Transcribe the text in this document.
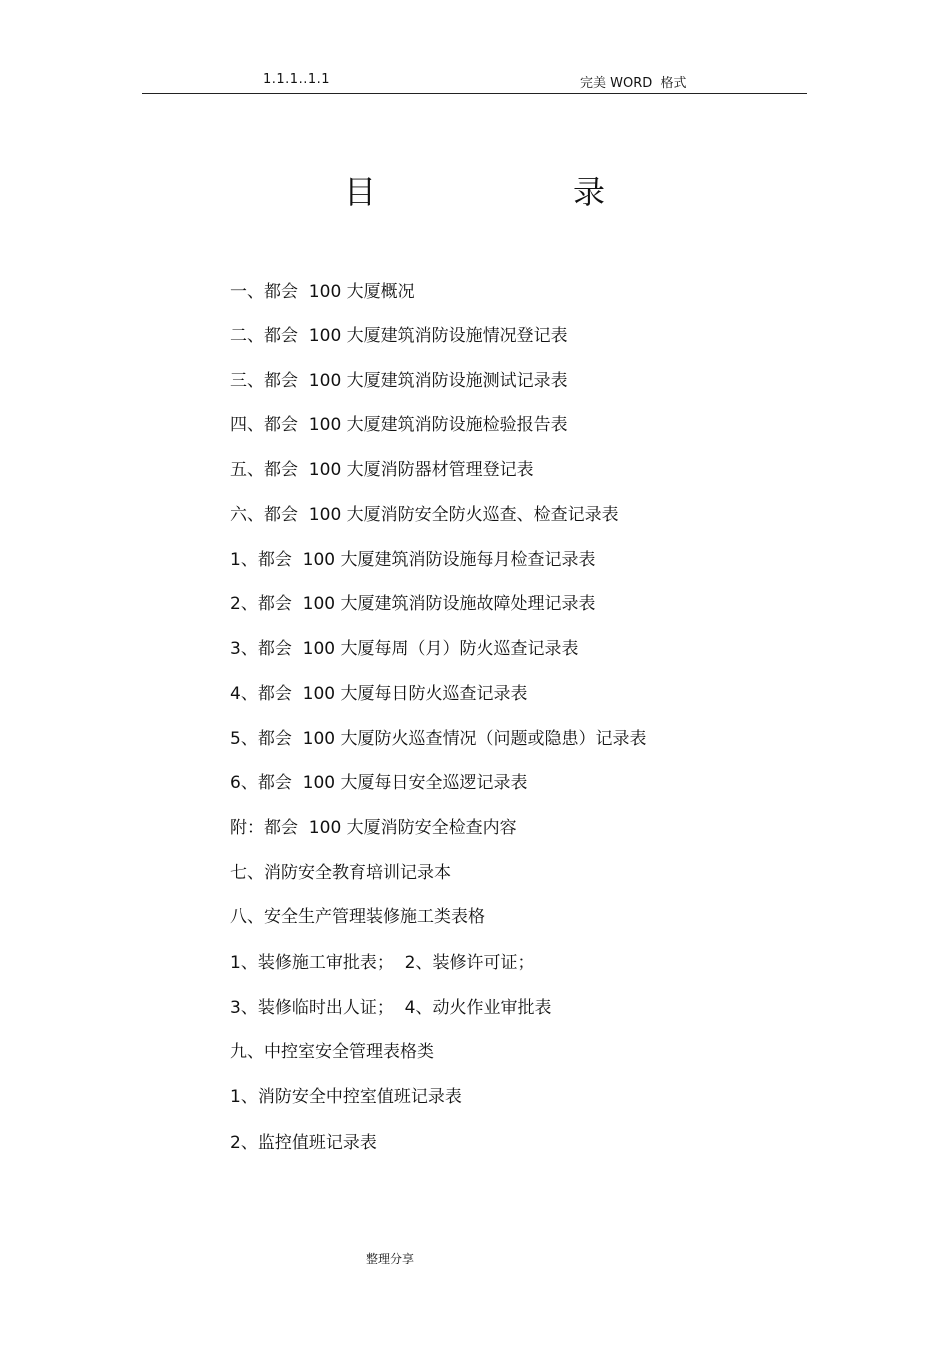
1.1.1..1.1	完美 WORD  格式
目	录
一、都会  100 大厦概况
二、都会  100 大厦建筑消防设施情况登记表
三、都会  100 大厦建筑消防设施测试记录表
四、都会  100 大厦建筑消防设施检验报告表
五、都会  100 大厦消防器材管理登记表
六、都会  100 大厦消防安全防火巡查、检查记录表
1、都会  100 大厦建筑消防设施每月检查记录表
2、都会  100 大厦建筑消防设施故障处理记录表
3、都会  100 大厦每周（月）防火巡查记录表
4、都会  100 大厦每日防火巡查记录表
5、都会  100 大厦防火巡查情况（问题或隐患）记录表
6、都会  100 大厦每日安全巡逻记录表
附：都会  100 大厦消防安全检查内容
七、消防安全教育培训记录本
八、安全生产管理装修施工类表格
1、装修施工审批表；  2、装修许可证；
3、装修临时出人证；  4、动火作业审批表
九、中控室安全管理表格类
1、消防安全中控室值班记录表
2、监控值班记录表
整理分享
